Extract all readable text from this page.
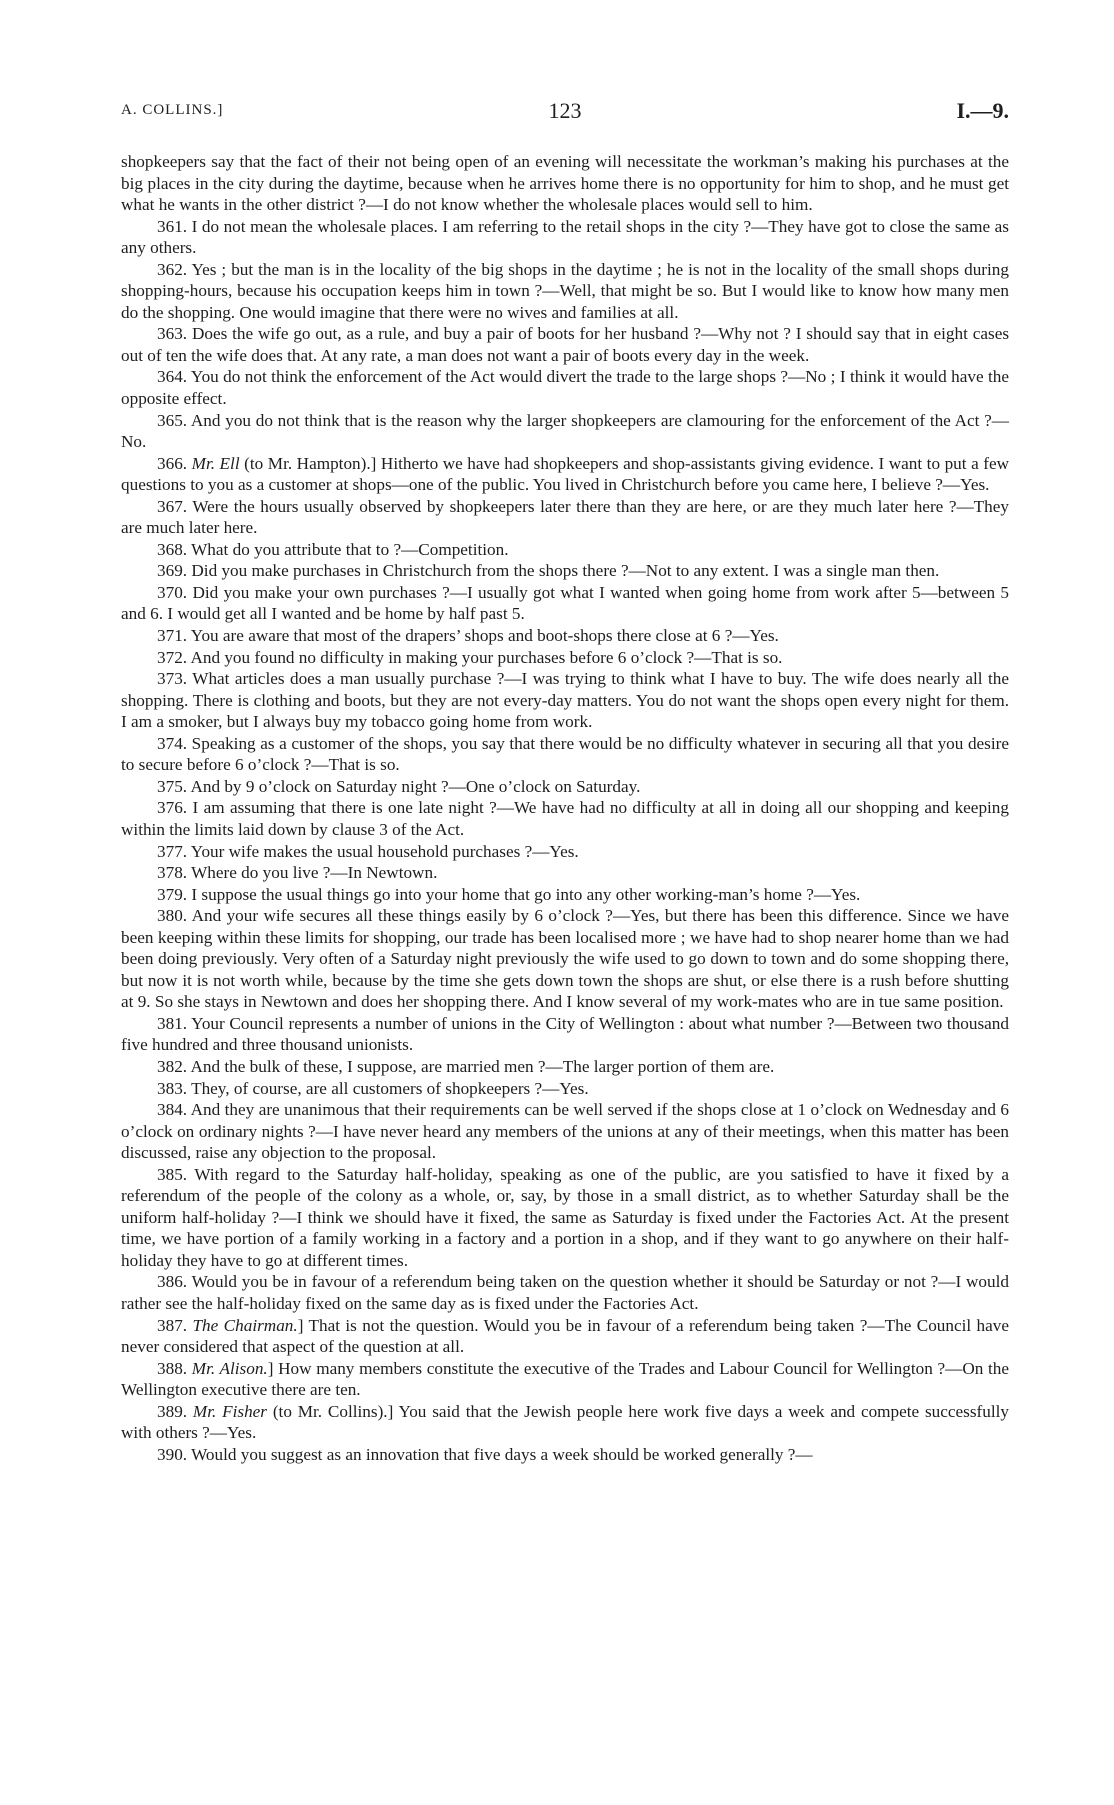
A. COLLINS.]	123	I.—9.

shopkeepers say that the fact of their not being open of an evening will necessitate the workman’s making his purchases at the big places in the city during the daytime, because when he arrives home there is no opportunity for him to shop, and he must get what he wants in the other district ?—I do not know whether the wholesale places would sell to him.

361. I do not mean the wholesale places. I am referring to the retail shops in the city ?—They have got to close the same as any others.

362. Yes ; but the man is in the locality of the big shops in the daytime ; he is not in the locality of the small shops during shopping-hours, because his occupation keeps him in town ?—Well, that might be so. But I would like to know how many men do the shopping. One would imagine that there were no wives and families at all.

363. Does the wife go out, as a rule, and buy a pair of boots for her husband ?—Why not ? I should say that in eight cases out of ten the wife does that. At any rate, a man does not want a pair of boots every day in the week.

364. You do not think the enforcement of the Act would divert the trade to the large shops ?—No ; I think it would have the opposite effect.

365. And you do not think that is the reason why the larger shopkeepers are clamouring for the enforcement of the Act ?—No.

366. Mr. Ell (to Mr. Hampton).] Hitherto we have had shopkeepers and shop-assistants giving evidence. I want to put a few questions to you as a customer at shops—one of the public. You lived in Christchurch before you came here, I believe ?—Yes.

367. Were the hours usually observed by shopkeepers later there than they are here, or are they much later here ?—They are much later here.

368. What do you attribute that to ?—Competition.

369. Did you make purchases in Christchurch from the shops there ?—Not to any extent. I was a single man then.

370. Did you make your own purchases ?—I usually got what I wanted when going home from work after 5—between 5 and 6. I would get all I wanted and be home by half past 5.

371. You are aware that most of the drapers’ shops and boot-shops there close at 6 ?—Yes.

372. And you found no difficulty in making your purchases before 6 o’clock ?—That is so.

373. What articles does a man usually purchase ?—I was trying to think what I have to buy. The wife does nearly all the shopping. There is clothing and boots, but they are not every-day matters. You do not want the shops open every night for them. I am a smoker, but I always buy my tobacco going home from work.

374. Speaking as a customer of the shops, you say that there would be no difficulty whatever in securing all that you desire to secure before 6 o’clock ?—That is so.

375. And by 9 o’clock on Saturday night ?—One o’clock on Saturday.

376. I am assuming that there is one late night ?—We have had no difficulty at all in doing all our shopping and keeping within the limits laid down by clause 3 of the Act.

377. Your wife makes the usual household purchases ?—Yes.

378. Where do you live ?—In Newtown.

379. I suppose the usual things go into your home that go into any other working-man’s home ?—Yes.

380. And your wife secures all these things easily by 6 o’clock ?—Yes, but there has been this difference. Since we have been keeping within these limits for shopping, our trade has been localised more ; we have had to shop nearer home than we had been doing previously. Very often of a Saturday night previously the wife used to go down to town and do some shopping there, but now it is not worth while, because by the time she gets down town the shops are shut, or else there is a rush before shutting at 9. So she stays in Newtown and does her shopping there. And I know several of my work-mates who are in tue same position.

381. Your Council represents a number of unions in the City of Wellington : about what number ?—Between two thousand five hundred and three thousand unionists.

382. And the bulk of these, I suppose, are married men ?—The larger portion of them are.

383. They, of course, are all customers of shopkeepers ?—Yes.

384. And they are unanimous that their requirements can be well served if the shops close at 1 o’clock on Wednesday and 6 o’clock on ordinary nights ?—I have never heard any members of the unions at any of their meetings, when this matter has been discussed, raise any objection to the proposal.

385. With regard to the Saturday half-holiday, speaking as one of the public, are you satisfied to have it fixed by a referendum of the people of the colony as a whole, or, say, by those in a small district, as to whether Saturday shall be the uniform half-holiday ?—I think we should have it fixed, the same as Saturday is fixed under the Factories Act. At the present time, we have portion of a family working in a factory and a portion in a shop, and if they want to go anywhere on their half-holiday they have to go at different times.

386. Would you be in favour of a referendum being taken on the question whether it should be Saturday or not ?—I would rather see the half-holiday fixed on the same day as is fixed under the Factories Act.

387. The Chairman.] That is not the question. Would you be in favour of a referendum being taken ?—The Council have never considered that aspect of the question at all.

388. Mr. Alison.] How many members constitute the executive of the Trades and Labour Council for Wellington ?—On the Wellington executive there are ten.

389. Mr. Fisher (to Mr. Collins).] You said that the Jewish people here work five days a week and compete successfully with others ?—Yes.

390. Would you suggest as an innovation that five days a week should be worked generally ?—
